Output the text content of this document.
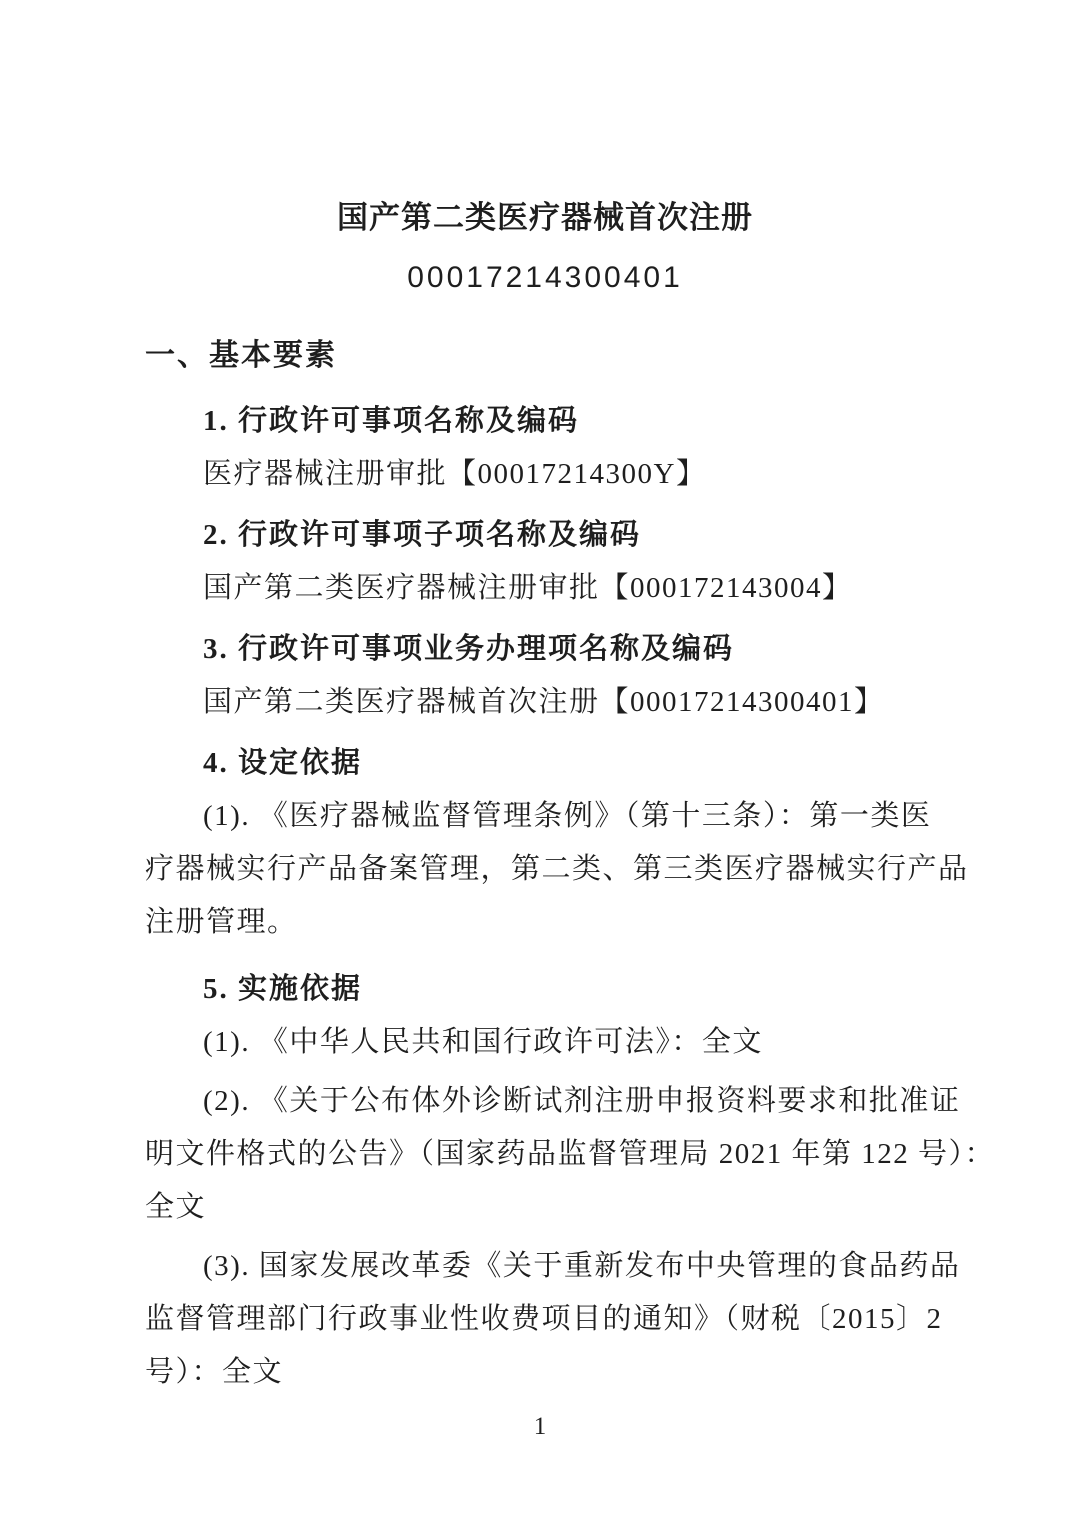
国产第二类医疗器械首次注册
00017214300401
一、基本要素
1. 行政许可事项名称及编码
医疗器械注册审批【00017214300Y】
2. 行政许可事项子项名称及编码
国产第二类医疗器械注册审批【000172143004】
3. 行政许可事项业务办理项名称及编码
国产第二类医疗器械首次注册【00017214300401】
4. 设定依据
(1). 《医疗器械监督管理条例》（第十三条）：第一类医
疗器械实行产品备案管理，第二类、第三类医疗器械实行产品
注册管理。
5. 实施依据
(1). 《中华人民共和国行政许可法》：全文
(2). 《关于公布体外诊断试剂注册申报资料要求和批准证
明文件格式的公告》（国家药品监督管理局 2021 年第 122 号）：
全文
(3). 国家发展改革委《关于重新发布中央管理的食品药品
监督管理部门行政事业性收费项目的通知》（财税〔2015〕2
号）：全文
1
